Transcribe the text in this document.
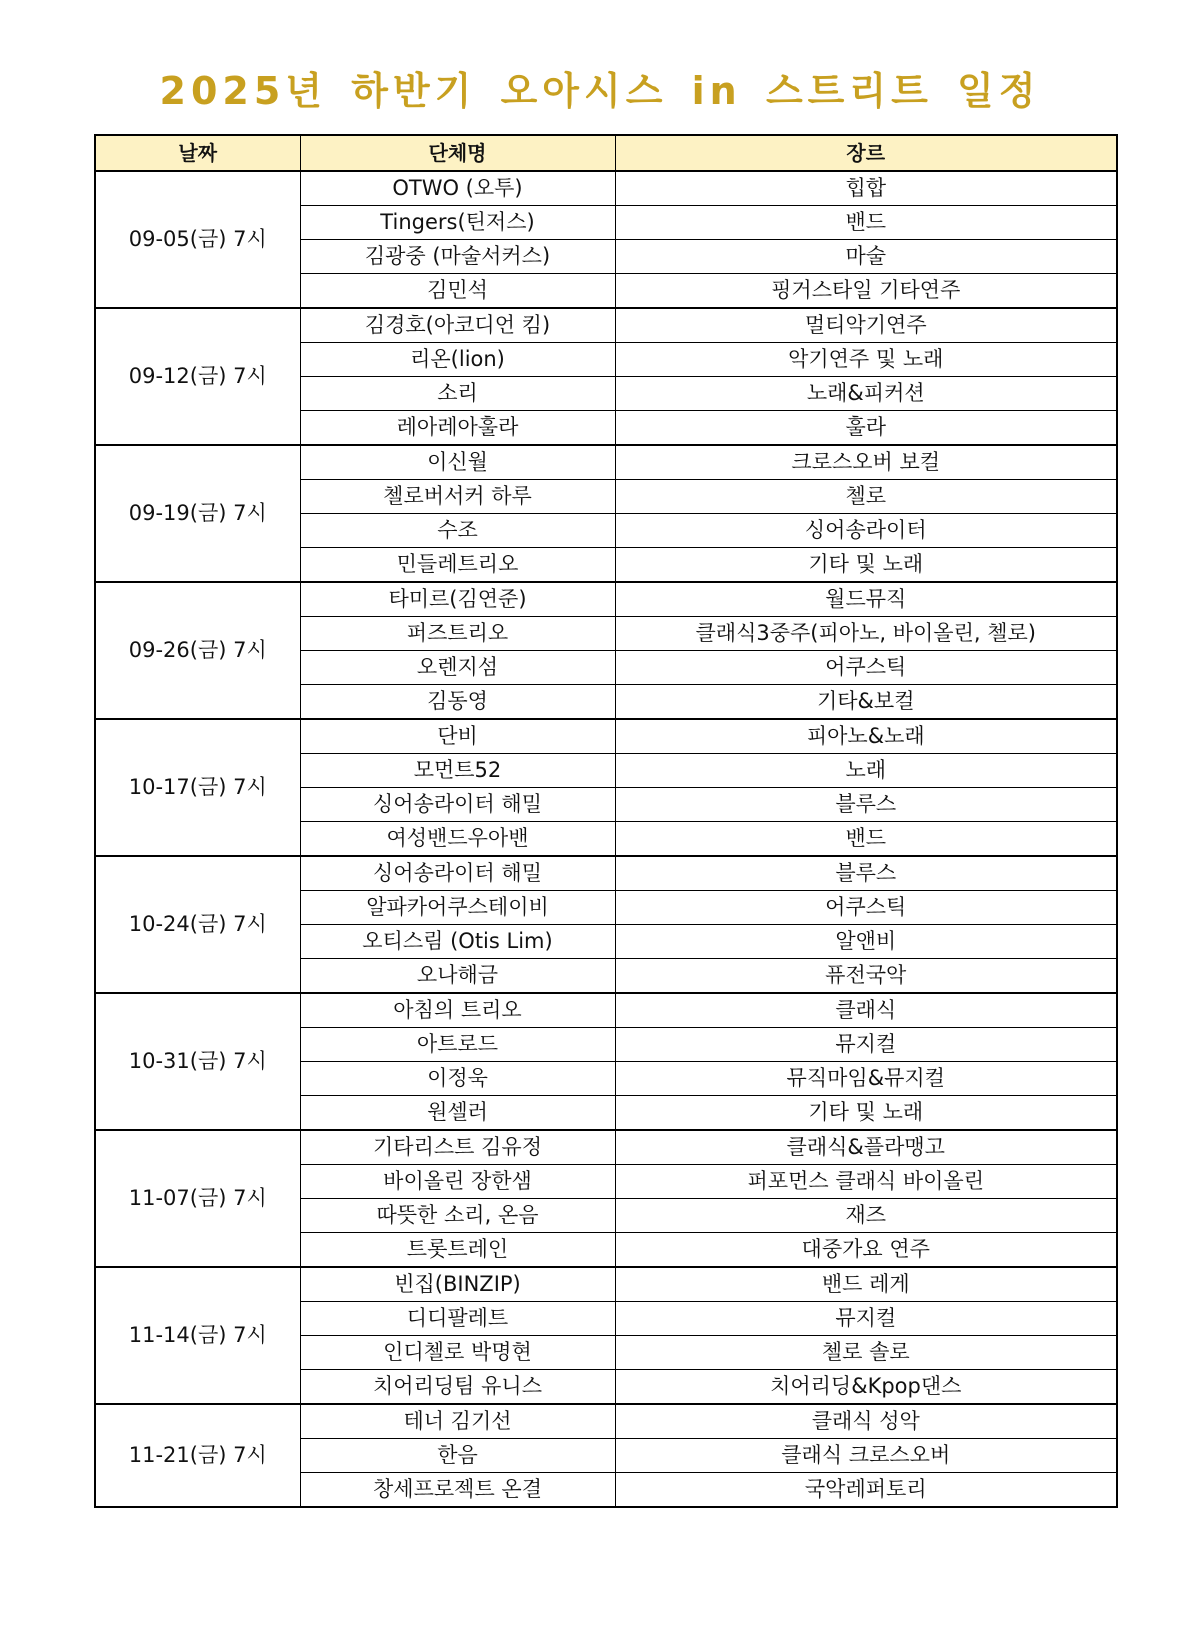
2025년 하반기 오아시스 in 스트리트 일정
날짜	단체명	장르
09-05(금) 7시	OTWO (오투)	힙합
	Tingers(틴저스)	밴드
	김광중 (마술서커스)	마술
	김민석	핑거스타일 기타연주
09-12(금) 7시	김경호(아코디언 킴)	멀티악기연주
	리온(lion)	악기연주 및 노래
	소리	노래&피커션
	레아레아훌라	훌라
09-19(금) 7시	이신월	크로스오버 보컬
	첼로버서커 하루	첼로
	수조	싱어송라이터
	민들레트리오	기타 및 노래
09-26(금) 7시	타미르(김연준)	월드뮤직
	퍼즈트리오	클래식3중주(피아노, 바이올린, 첼로)
	오렌지섬	어쿠스틱
	김동영	기타&보컬
10-17(금) 7시	단비	피아노&노래
	모먼트52	노래
	싱어송라이터 해밀	블루스
	여성밴드우아밴	밴드
10-24(금) 7시	싱어송라이터 해밀	블루스
	알파카어쿠스테이비	어쿠스틱
	오티스림 (Otis Lim)	알앤비
	오나해금	퓨전국악
10-31(금) 7시	아침의 트리오	클래식
	아트로드	뮤지컬
	이정욱	뮤직마임&뮤지컬
	원셀러	기타 및 노래
11-07(금) 7시	기타리스트 김유정	클래식&플라맹고
	바이올린 장한샘	퍼포먼스 클래식 바이올린
	따뜻한 소리, 온음	재즈
	트롯트레인	대중가요 연주
11-14(금) 7시	빈집(BINZIP)	밴드 레게
	디디팔레트	뮤지컬
	인디첼로 박명현	첼로 솔로
	치어리딩팀 유니스	치어리딩&Kpop댄스
11-21(금) 7시	테너 김기선	클래식 성악
	한음	클래식 크로스오버
	창세프로젝트 온결	국악레퍼토리
